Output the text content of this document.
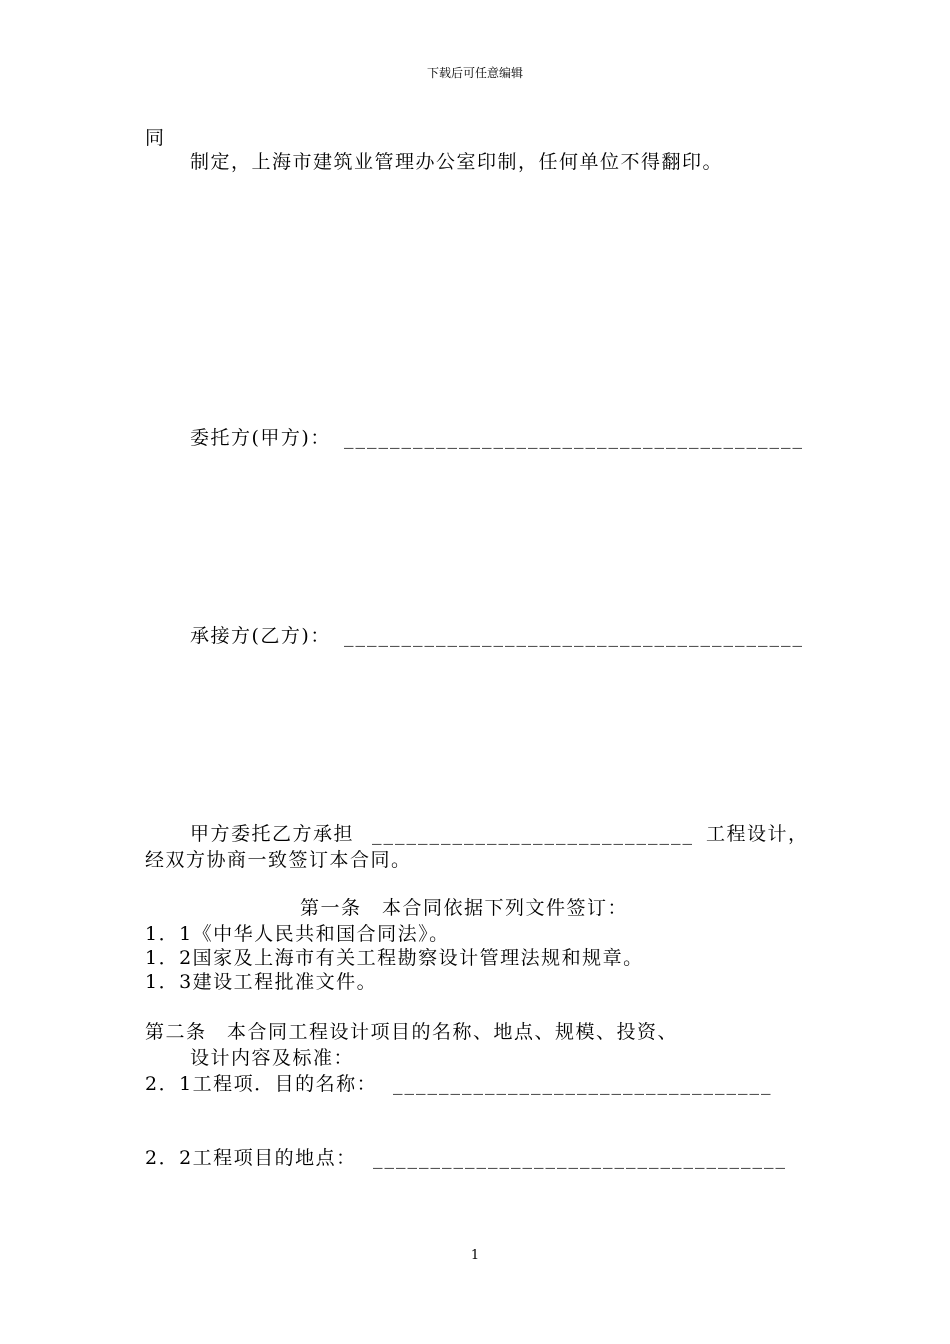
下载后可任意编辑
同
制定，上海市建筑业管理办公室印制，任何单位不得翻印。
委托方(甲方)： ________________________________________
承接方(乙方)： ________________________________________
甲方委托乙方承担 ____________________________ 工程设计，
经双方协商一致签订本合同。
第一条　本合同依据下列文件签订：
1．1《中华人民共和国合同法》。
1．2国家及上海市有关工程勘察设计管理法规和规章。
1．3建设工程批准文件。
第二条　本合同工程设计项目的名称、地点、规模、投资、
设计内容及标准：
2．1工程项．目的名称： _________________________________
2．2工程项目的地点： ____________________________________
1
